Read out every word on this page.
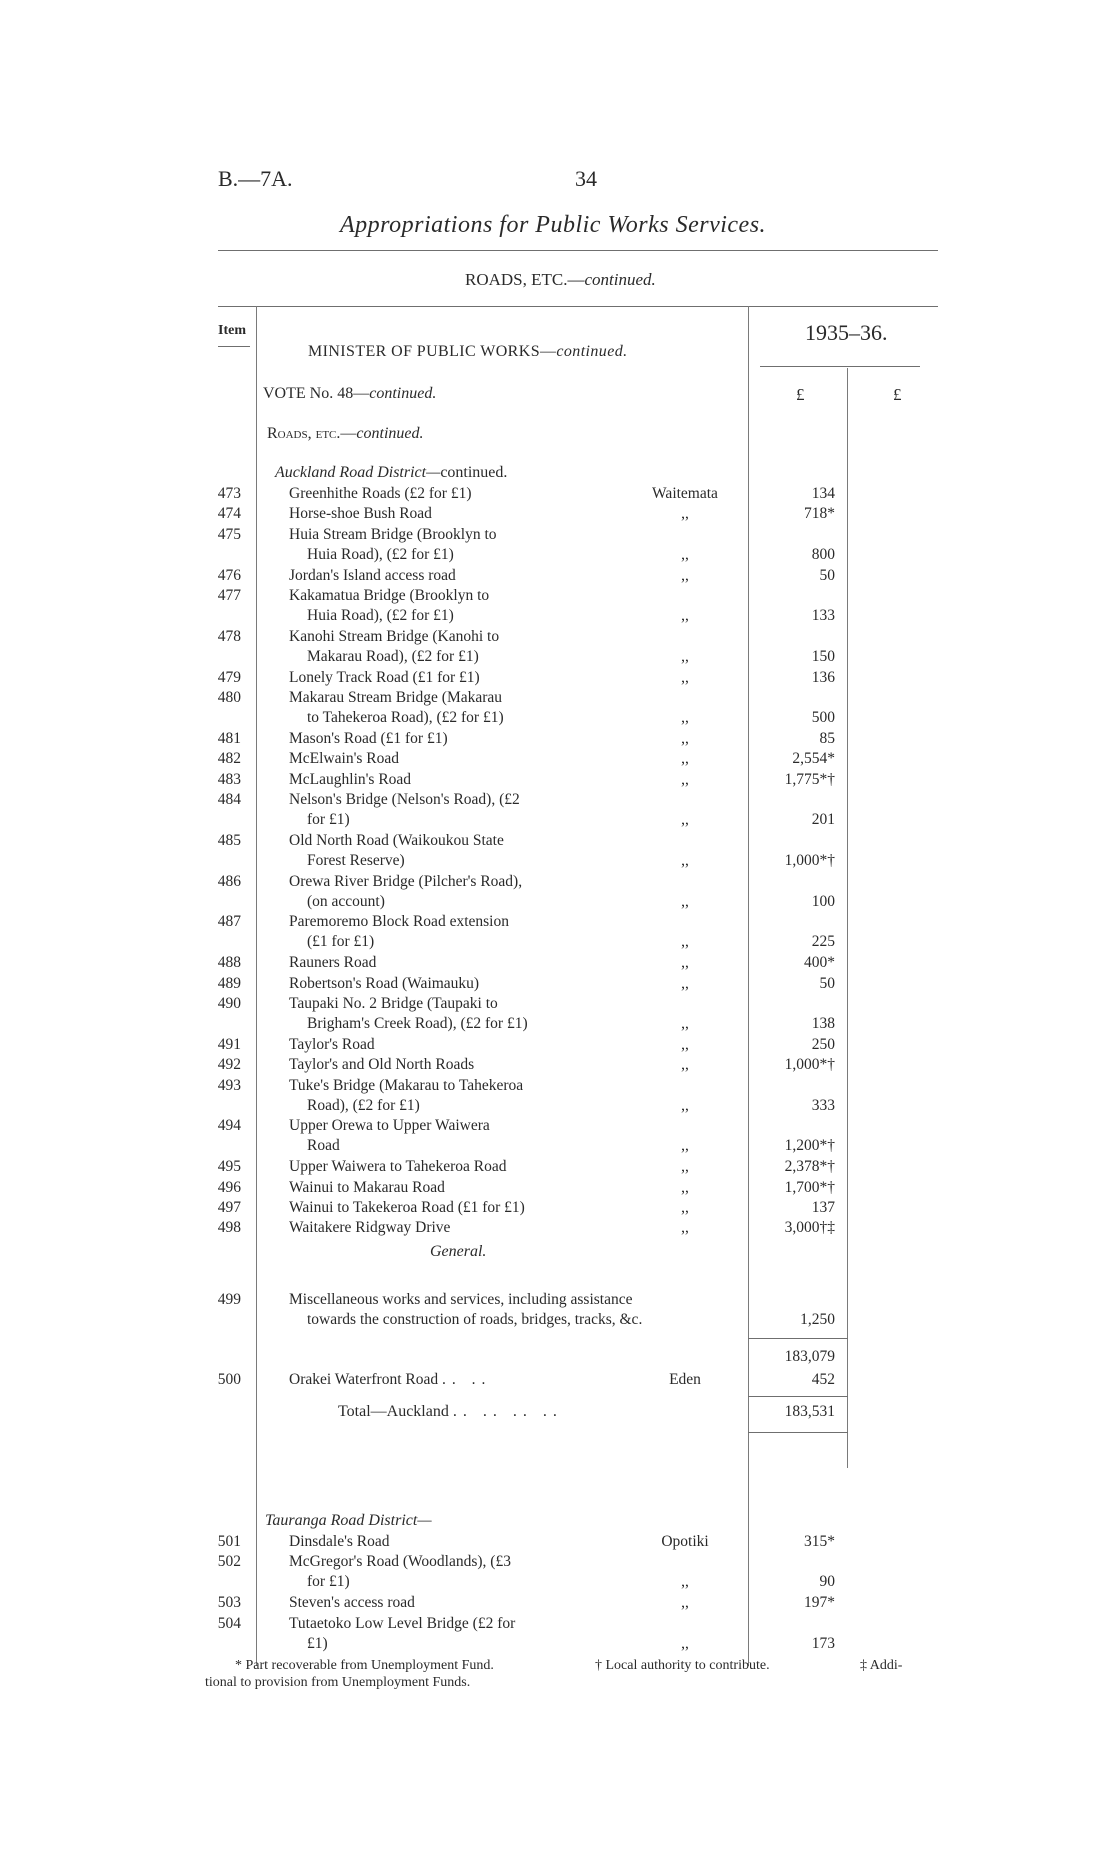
B.—7A.	34
Appropriations for Public Works Services.
ROADS, ETC.—continued.
Item	1935–36.
MINISTER OF PUBLIC WORKS—continued.
VOTE No. 48—continued.	£	£
Roads, etc.—continued.
Auckland Road District—continued.
473	Greenhithe Roads (£2 for £1)	Waitemata	134
474	Horse-shoe Bush Road	,,	718*
475	Huia Stream Bridge (Brooklyn to
Huia Road), (£2 for £1)	,,	800
476	Jordan's Island access road	,,	50
477	Kakamatua Bridge (Brooklyn to
Huia Road), (£2 for £1)	,,	133
478	Kanohi Stream Bridge (Kanohi to
Makarau Road), (£2 for £1)	,,	150
479	Lonely Track Road (£1 for £1)	,,	136
480	Makarau Stream Bridge (Makarau
to Tahekeroa Road), (£2 for £1)	,,	500
481	Mason's Road (£1 for £1)	,,	85
482	McElwain's Road	,,	2,554*
483	McLaughlin's Road	,,	1,775*†
484	Nelson's Bridge (Nelson's Road), (£2
for £1)	,,	201
485	Old North Road (Waikoukou State
Forest Reserve)	,,	1,000*†
486	Orewa River Bridge (Pilcher's Road),
(on account)	,,	100
487	Paremoremo Block Road extension
(£1 for £1)	,,	225
488	Rauners Road	,,	400*
489	Robertson's Road (Waimauku)	,,	50
490	Taupaki No. 2 Bridge (Taupaki to
Brigham's Creek Road), (£2 for £1)	,,	138
491	Taylor's Road	,,	250
492	Taylor's and Old North Roads	,,	1,000*†
493	Tuke's Bridge (Makarau to Tahekeroa
Road), (£2 for £1)	,,	333
494	Upper Orewa to Upper Waiwera
Road	,,	1,200*†
495	Upper Waiwera to Tahekeroa Road	,,	2,378*†
496	Wainui to Makarau Road	,,	1,700*†
497	Wainui to Takekeroa Road (£1 for £1)	,,	137
498	Waitakere Ridgway Drive	,,	3,000†‡
General.
499	Miscellaneous works and services, including assistance
towards the construction of roads, bridges, tracks, &c.	1,250
183,079
500	Orakei Waterfront Road .. ..	Eden	452
Total—Auckland .. .. .. ..	183,531
Tauranga Road District—
501	Dinsdale's Road	Opotiki	315*
502	McGregor's Road (Woodlands), (£3
for £1)	,,	90
503	Steven's access road	,,	197*
504	Tutaetoko Low Level Bridge (£2 for
£1)	,,	173
* Part recoverable from Unemployment Fund.	† Local authority to contribute.	‡ Addi-
tional to provision from Unemployment Funds.
